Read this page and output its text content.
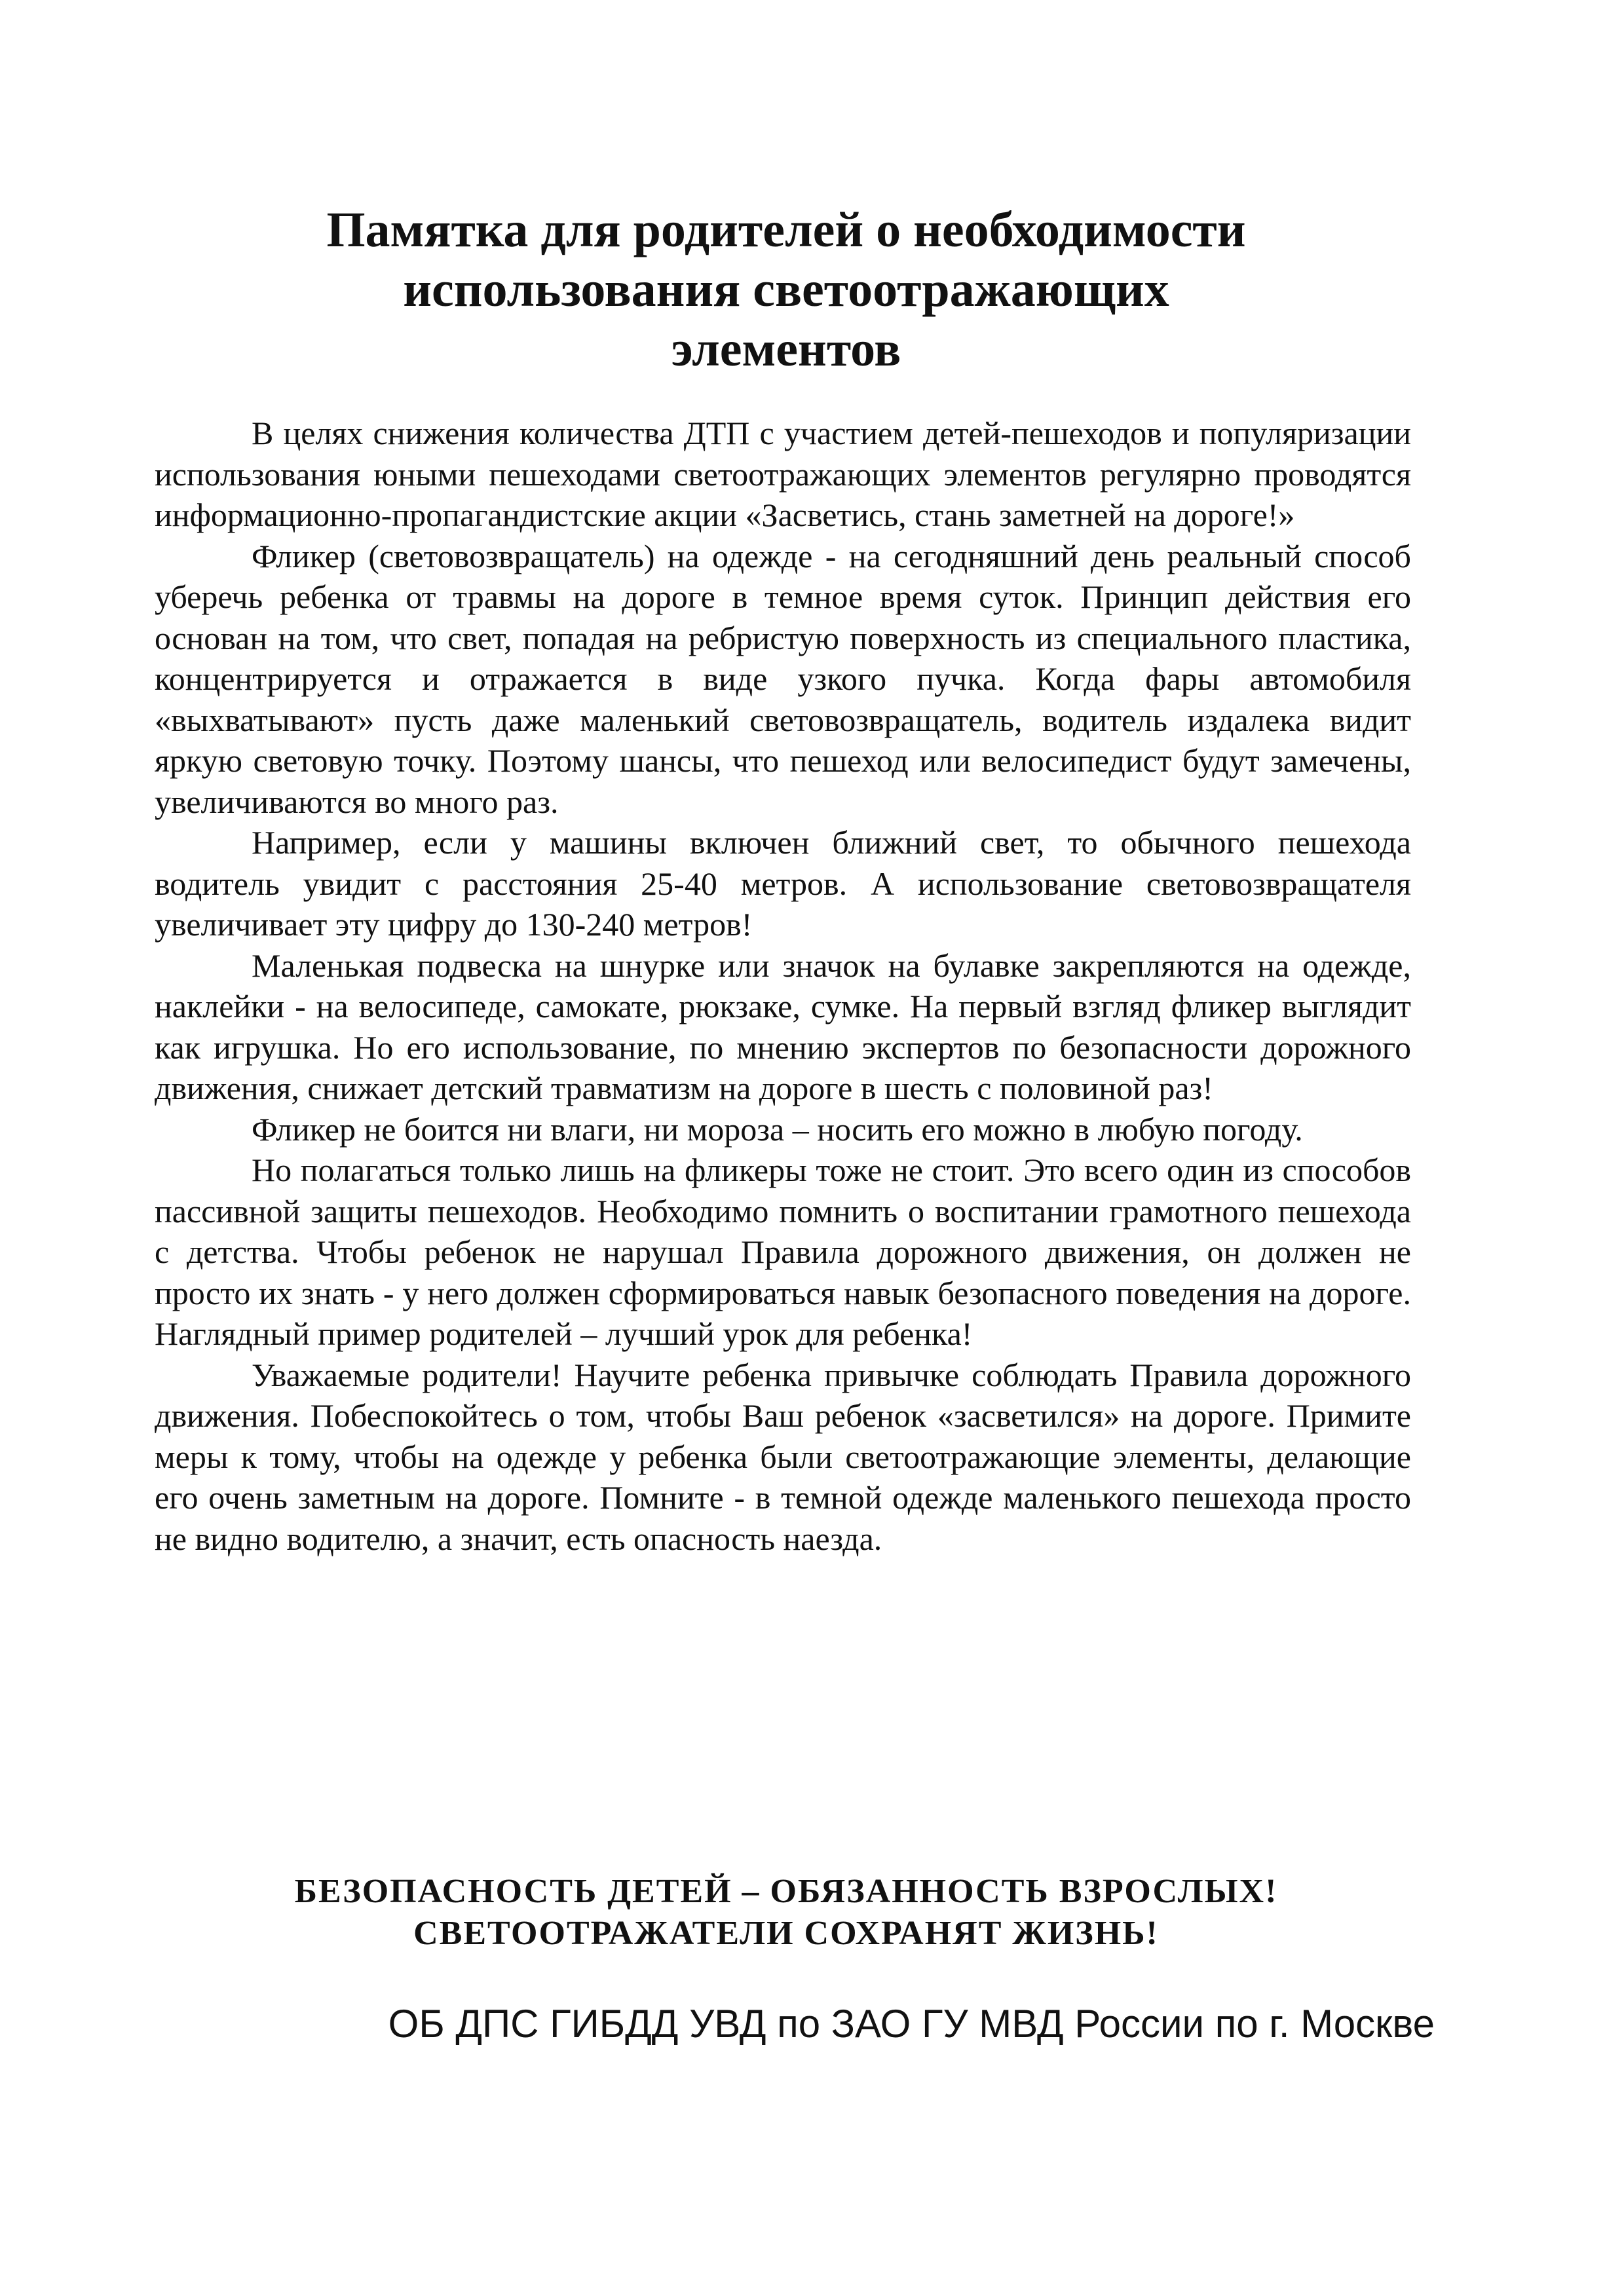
Памятка для родителей о необходимости
использования светоотражающих
элементов

В целях снижения количества ДТП с участием детей-пешеходов и популяризации использования юными пешеходами светоотражающих элементов регулярно проводятся информационно-пропагандистские акции «Засветись, стань заметней на дороге!»

Фликер (световозвращатель) на одежде - на сегодняшний день реальный способ уберечь ребенка от травмы на дороге в темное время суток. Принцип действия его основан на том, что свет, попадая на ребристую поверхность из специального пластика, концентрируется и отражается в виде узкого пучка. Когда фары автомобиля «выхватывают» пусть даже маленький световозвращатель, водитель издалека видит яркую световую точку. Поэтому шансы, что пешеход или велосипедист будут замечены, увеличиваются во много раз.

Например, если у машины включен ближний свет, то обычного пешехода водитель увидит с расстояния 25-40 метров. А использование световозвращателя увеличивает эту цифру до 130-240 метров!

Маленькая подвеска на шнурке или значок на булавке закрепляются на одежде, наклейки - на велосипеде, самокате, рюкзаке, сумке. На первый взгляд фликер выглядит как игрушка. Но его использование, по мнению экспертов по безопасности дорожного движения, снижает детский травматизм на дороге в шесть с половиной раз!

Фликер не боится ни влаги, ни мороза – носить его можно в любую погоду.

Но полагаться только лишь на фликеры тоже не стоит. Это всего один из способов пассивной защиты пешеходов. Необходимо помнить о воспитании грамотного пешехода с детства. Чтобы ребенок не нарушал Правила дорожного движения, он должен не просто их знать - у него должен сформироваться навык безопасного поведения на дороге. Наглядный пример родителей – лучший урок для ребенка!

Уважаемые родители! Научите ребенка привычке соблюдать Правила дорожного движения. Побеспокойтесь о том, чтобы Ваш ребенок «засветился» на дороге. Примите меры к тому, чтобы на одежде у ребенка были светоотражающие элементы, делающие его очень заметным на дороге. Помните - в темной одежде маленького пешехода просто не видно водителю, а значит, есть опасность наезда.

БЕЗОПАСНОСТЬ ДЕТЕЙ – ОБЯЗАННОСТЬ ВЗРОСЛЫХ!
СВЕТООТРАЖАТЕЛИ СОХРАНЯТ ЖИЗНЬ!
ОБ ДПС ГИБДД УВД по ЗАО ГУ МВД России по г. Москве
